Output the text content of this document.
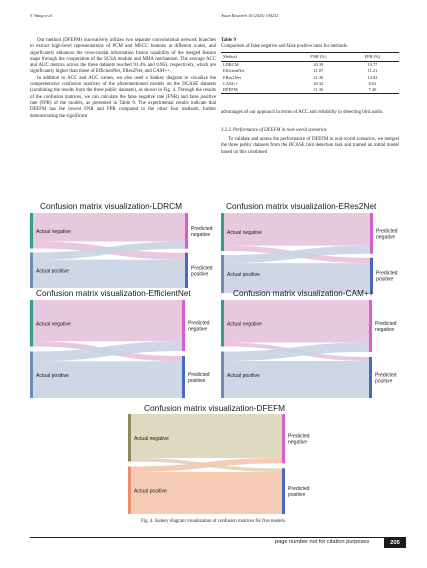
Y. Wang et al.	Avian Research 16 (2025) 100232

Our method (DFEFM) innovatively utilizes two separate convolutional network branches to extract high-level representations of PCM and MFCC features at different scales, and significantly enhances the cross-modal information fusion capability of the merged feature maps through the cooperation of the SCSA module and MHA mechanism. The average ACC and AUC metrics across the three datasets reached 91.4% and 0.963, respectively, which are significantly higher than those of EfficientNet, ERes2Net, and CAM++.

In addition to ACC and AUC values, we also used a Sankey diagram to visualize the comprehensive confusion matrices of the aforementioned models on the DCASE datasets (combining the results from the three public datasets), as shown in Fig. 4. Through the results of the confusion matrices, we can calculate the false negative rate (FNR) and false positive rate (FPR) of the models, as presented in Table 9. The experimental results indicate that DFEFM has the lowest FNR and FPR compared to the other four methods, further demonstrating the significant

Table 9
Comparison of false negative and false positive rates for methods.
Method	FNR (%)	FPR (%)
LDRCM	20.39	19.77
EfficientNet	21.07	11.21
ERes2Net	21.30	14.02
CAM++	20.32	8.63
DFEFM	11.36	7.40

advantages of our approach in terms of ACC and reliability in detecting bird audio.

3.2.3. Performance of DFEFM in real-world scenarios

To validate and assess the performance of DFEFM in real-world scenarios, we merged the three public datasets from the DCASE bird detection task and trained an initial model based on this combined

Confusion matrix visualization-LDRCM
Actual negative
Actual positive
Predicted
negative
Predicted
positive
Confusion matrix visualization-ERes2Net
Actual negative
Actual positive
Predicted
negative
Predicted
positive
Confusion matrix visualization-EfficientNet
Actual negative
Actual positive
Predicted
negative
Predicted
positive
Confusion matrix visualization-CAM++
Actual negative
Actual positive
Predicted
negative
Predicted
positive
Confusion matrix visualization-DFEFM
Actual negative
Actual positive
Predicted
negative
Predicted
positive
Fig. 4. Sankey diagram visualization of confusion matrices for five models.
page number not for citation purposes	205
